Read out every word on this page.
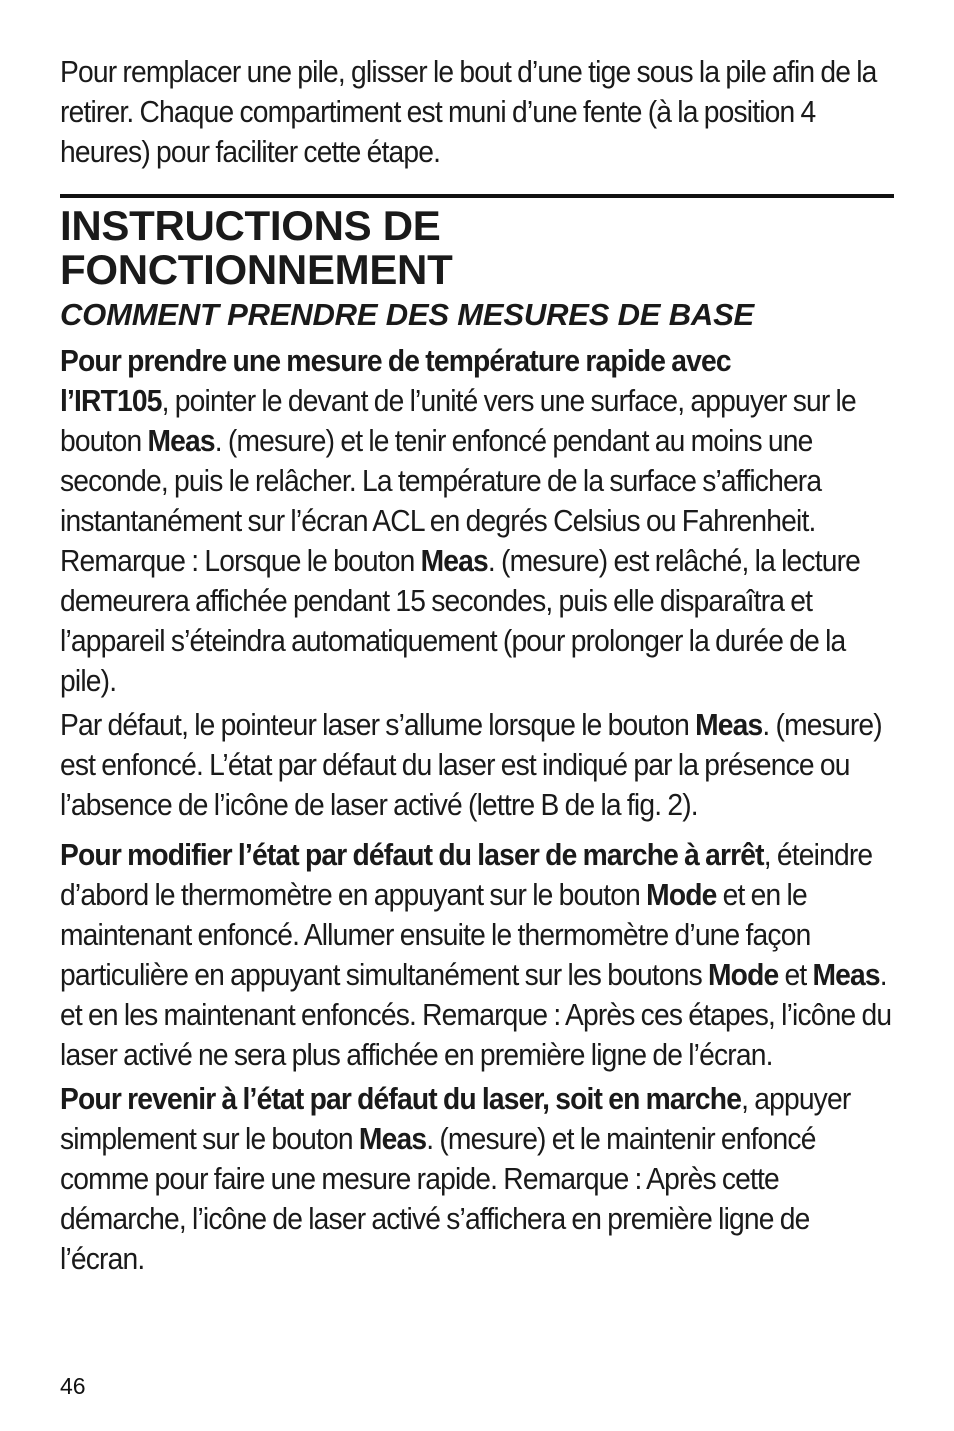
Pour remplacer une pile, glisser le bout d’une tige sous la pile afin de la retirer. Chaque compartiment est muni d’une fente (à la position 4 heures) pour faciliter cette étape.
INSTRUCTIONS DE
FONCTIONNEMENT
COMMENT PRENDRE DES MESURES DE BASE
Pour prendre une mesure de température rapide avec
l’IRT105, pointer le devant de l’unité vers une surface, appuyer sur le bouton Meas. (mesure) et le tenir enfoncé pendant au moins une seconde, puis le relâcher. La température de la surface s’affichera instantanément sur l’écran ACL en degrés Celsius ou Fahrenheit. Remarque : Lorsque le bouton Meas. (mesure) est relâché, la lecture demeurera affichée pendant 15 secondes, puis elle disparaîtra et l’appareil s’éteindra automatiquement (pour prolonger la durée de la pile).
Par défaut, le pointeur laser s’allume lorsque le bouton Meas. (mesure) est enfoncé. L’état par défaut du laser est indiqué par la présence ou l’absence de l’icône de laser activé (lettre B de la fig. 2).
Pour modifier l’état par défaut du laser de marche à arrêt, éteindre d’abord le thermomètre en appuyant sur le bouton Mode et en le maintenant enfoncé. Allumer ensuite le thermomètre d’une façon particulière en appuyant simultanément sur les boutons Mode et Meas. et en les maintenant enfoncés. Remarque : Après ces étapes, l’icône du laser activé ne sera plus affichée en première ligne de l’écran.
Pour revenir à l’état par défaut du laser, soit en marche, appuyer simplement sur le bouton Meas. (mesure) et le maintenir enfoncé comme pour faire une mesure rapide. Remarque : Après cette démarche, l’icône de laser activé s’affichera en première ligne de l’écran.
46
